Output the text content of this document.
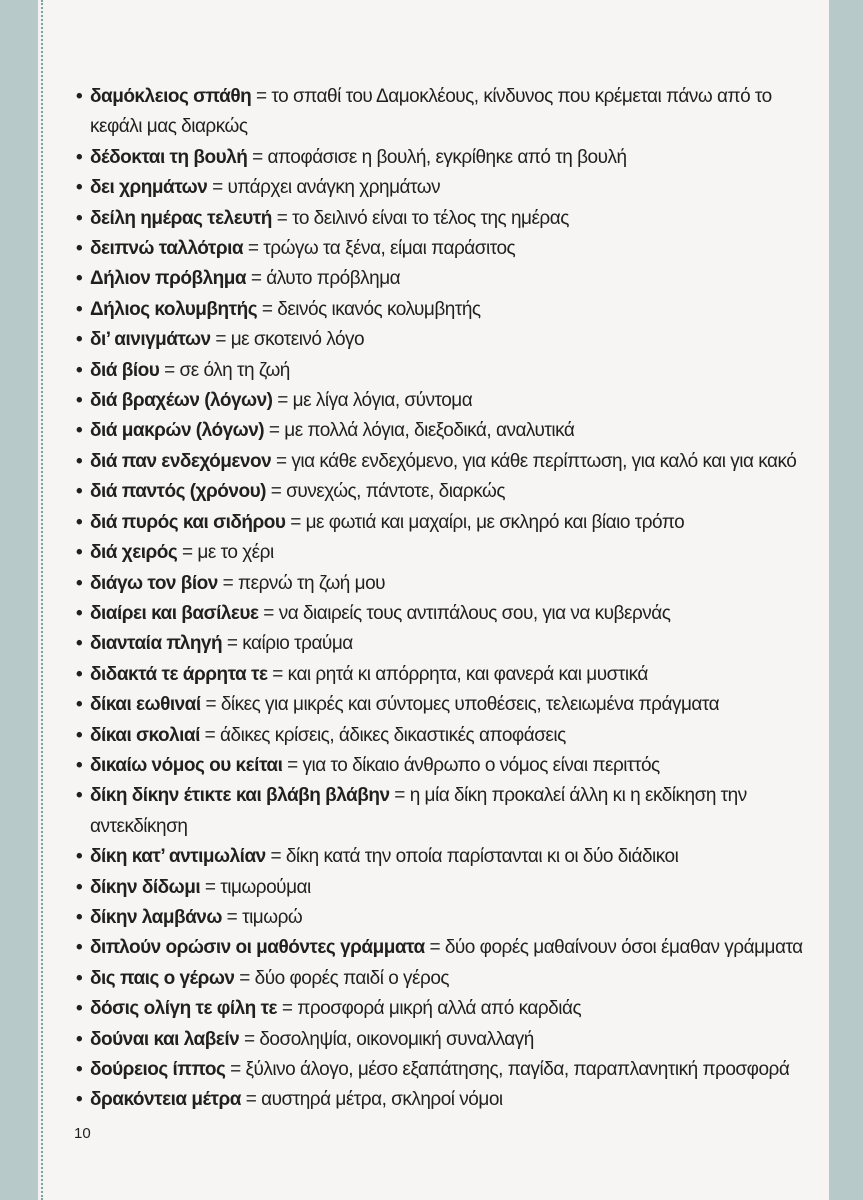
• δαμόκλειος σπάθη = το σπαθί του Δαμοκλέους, κίνδυνος που κρέμεται πάνω από το κεφάλι μας διαρκώς
• δέδοκται τη βουλή = αποφάσισε η βουλή, εγκρίθηκε από τη βουλή
• δει χρημάτων = υπάρχει ανάγκη χρημάτων
• δείλη ημέρας τελευτή = το δειλινό είναι το τέλος της ημέρας
• δειπνώ ταλλότρια = τρώγω τα ξένα, είμαι παράσιτος
• Δήλιον πρόβλημα = άλυτο πρόβλημα
• Δήλιος κολυμβητής = δεινός ικανός κολυμβητής
• δι’ αινιγμάτων = με σκοτεινό λόγο
• διά βίου = σε όλη τη ζωή
• διά βραχέων (λόγων) = με λίγα λόγια, σύντομα
• διά μακρών (λόγων) = με πολλά λόγια, διεξοδικά, αναλυτικά
• διά παν ενδεχόμενον = για κάθε ενδεχόμενο, για κάθε περίπτωση, για καλό και για κακό
• διά παντός (χρόνου) = συνεχώς, πάντοτε, διαρκώς
• διά πυρός και σιδήρου = με φωτιά και μαχαίρι, με σκληρό και βίαιο τρόπο
• διά χειρός = με το χέρι
• διάγω τον βίον = περνώ τη ζωή μου
• διαίρει και βασίλευε = να διαιρείς τους αντιπάλους σου, για να κυβερνάς
• διανταία πληγή = καίριο τραύμα
• διδακτά τε άρρητα τε = και ρητά κι απόρρητα, και φανερά και μυστικά
• δίκαι εωθιναί = δίκες για μικρές και σύντομες υποθέσεις, τελειωμένα πράγματα
• δίκαι σκολιαί = άδικες κρίσεις, άδικες δικαστικές αποφάσεις
• δικαίω νόμος ου κείται = για το δίκαιο άνθρωπο ο νόμος είναι περιττός
• δίκη δίκην έτικτε και βλάβη βλάβην = η μία δίκη προκαλεί άλλη κι η εκδίκηση την αντεκδίκηση
• δίκη κατ’ αντιμωλίαν = δίκη κατά την οποία παρίστανται κι οι δύο διάδικοι
• δίκην δίδωμι = τιμωρούμαι
• δίκην λαμβάνω = τιμωρώ
• διπλούν ορώσιν οι μαθόντες γράμματα = δύο φορές μαθαίνουν όσοι έμαθαν γράμματα
• δις παις ο γέρων = δύο φορές παιδί ο γέρος
• δόσις ολίγη τε φίλη τε = προσφορά μικρή αλλά από καρδιάς
• δούναι και λαβείν = δοσοληψία, οικονομική συναλλαγή
• δούρειος ίππος = ξύλινο άλογο, μέσο εξαπάτησης, παγίδα, παραπλανητική προσφορά
• δρακόντεια μέτρα = αυστηρά μέτρα, σκληροί νόμοι
10
